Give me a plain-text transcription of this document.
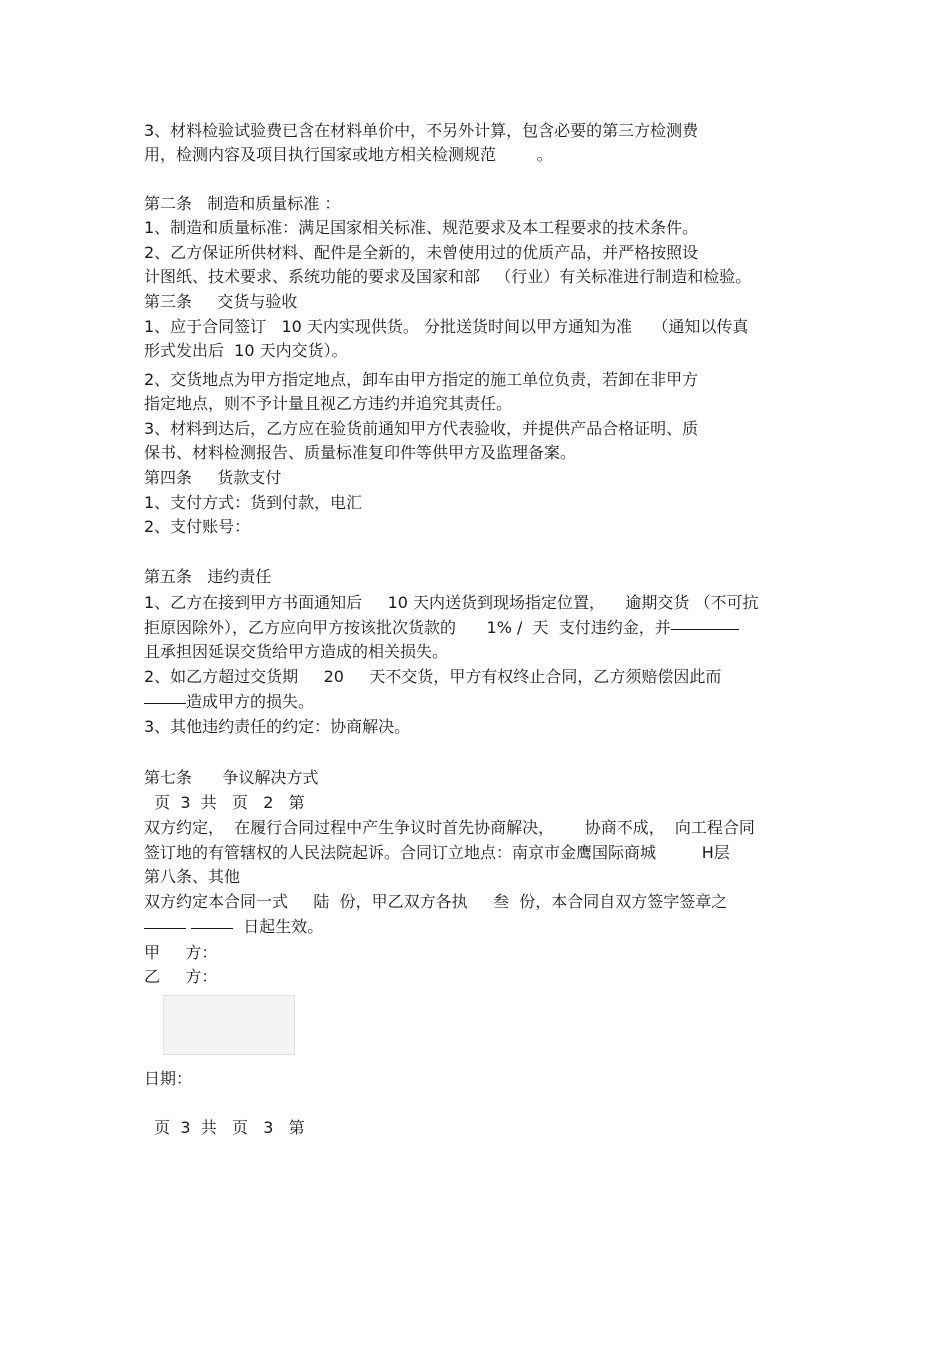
3、材料检验试验费已含在材料单价中，不另外计算，包含必要的第三方检测费
用，检测内容及项目执行国家或地方相关检测规范        。
第二条   制造和质量标准 ：
1、制造和质量标准：满足国家相关标准、规范要求及本工程要求的技术条件。
2、乙方保证所供材料、配件是全新的，未曾使用过的优质产品，并严格按照设
计图纸、技术要求、系统功能的要求及国家和部   （行业）有关标准进行制造和检验。
第三条     交货与验收
1、应于合同签订   10 天内实现供货。 分批送货时间以甲方通知为准    （通知以传真
形式发出后  10 天内交货）。
2、交货地点为甲方指定地点，卸车由甲方指定的施工单位负责，若卸在非甲方
指定地点，则不予计量且视乙方违约并追究其责任。
3、材料到达后，乙方应在验货前通知甲方代表验收，并提供产品合格证明、质
保书、材料检测报告、质量标准复印件等供甲方及监理备案。
第四条     货款支付
1、支付方式：货到付款，电汇
2、支付账号：
第五条   违约责任
1、乙方在接到甲方书面通知后     10 天内送货到现场指定位置，    逾期交货 （不可抗
拒原因除外），乙方应向甲方按该批次货款的      1% /  天  支付违约金，并
且承担因延误交货给甲方造成的相关损失。
2、如乙方超过交货期     20     天不交货，甲方有权终止合同，乙方须赔偿因此而
造成甲方的损失。
3、其他违约责任的约定：协商解决。
第七条      争议解决方式
页  3  共   页   2   第
双方约定，  在履行合同过程中产生争议时首先协商解决，      协商不成，  向工程合同
签订地的有管辖权的人民法院起诉。合同订立地点：南京市金鹰国际商城         H层
第八条、其他
双方约定本合同一式     陆  份，甲乙双方各执     叁  份，本合同自双方签字签章之
日起生效。
甲     方：
乙     方：
日期：
页  3  共   页   3   第
